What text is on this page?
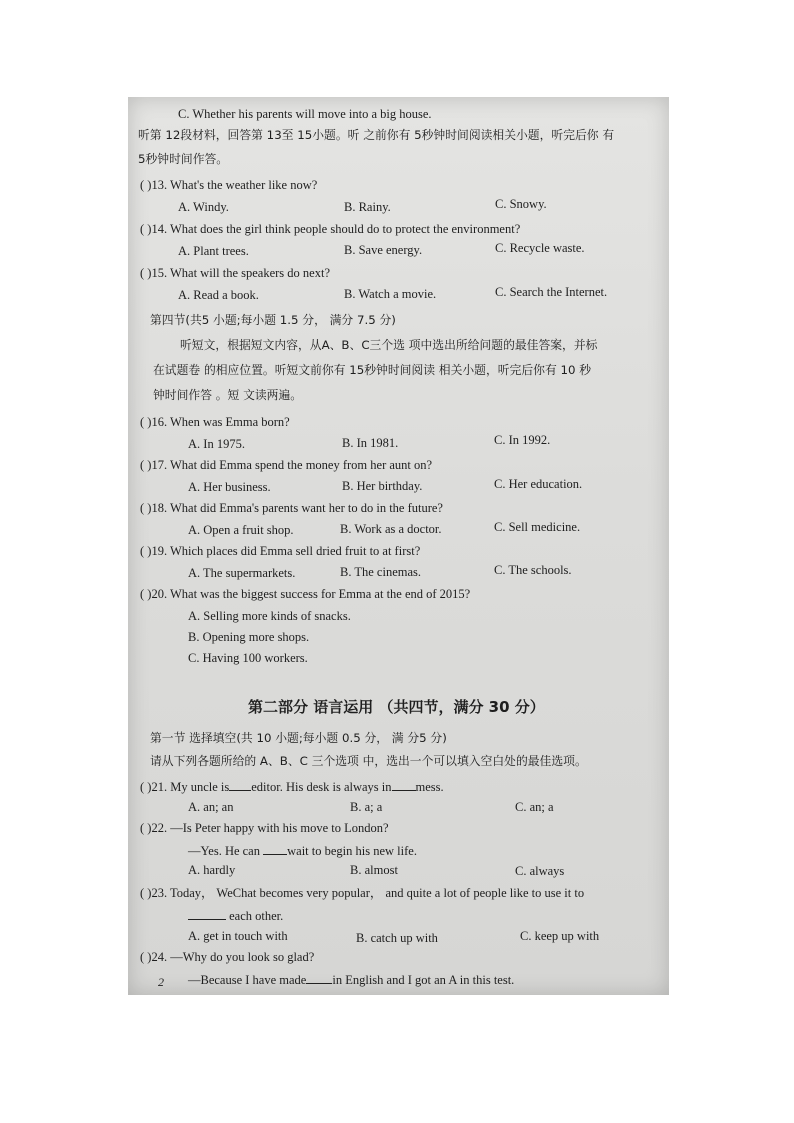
C. Whether his parents will move into a big house.
听第 12段材料，回答第 13至 15小题。听 之前你有 5秒钟时间阅读相关小题，听完后你 有
5秒钟时间作答。
( )13. What's the weather like now?
A. Windy.	B. Rainy.	C. Snowy.
( )14. What does the girl think people should do to protect the environment?
A. Plant trees.	B. Save energy.	C. Recycle waste.
( )15. What will the speakers do next?
A. Read a book.	B. Watch a movie.	C. Search the Internet.
第四节(共5 小题;每小题 1.5 分， 满分 7.5 分)
听短文，根据短文内容，从A、B、C三个选 项中选出所给问题的最佳答案，并标
在试题卷 的相应位置。听短文前你有 15秒钟时间阅读 相关小题，听完后你有 10 秒
钟时间作答 。短 文读两遍。
( )16. When was Emma born?
A. In 1975.	B. In 1981.	C. In 1992.
( )17. What did Emma spend the money from her aunt on?
A. Her business.	B. Her birthday.	C. Her education.
( )18. What did Emma's parents want her to do in the future?
A. Open a fruit shop.	B. Work as a doctor.	C. Sell medicine.
( )19. Which places did Emma sell dried fruit to at first?
A. The supermarkets.	B. The cinemas.	C. The schools.
( )20. What was the biggest success for Emma at the end of 2015?
A. Selling more kinds of snacks.
B. Opening more shops.
C. Having 100 workers.
第二部分 语言运用 （共四节，满分 30 分）
第一节 选择填空(共 10 小题;每小题 0.5 分， 满 分5 分)
请从下列各题所给的 A、B、C 三个选项 中，选出一个可以填入空白处的最佳选项。
( )21. My uncle is editor. His desk is always in mess.
A. an; an	B. a; a	C. an; a
( )22. —Is Peter happy with his move to London?
—Yes. He can wait to begin his new life.
A. hardly	B. almost	C. always
( )23. Today， WeChat becomes very popular， and quite a lot of people like to use it to
each other.
A. get in touch with	B. catch up with	C. keep up with
( )24. —Why do you look so glad?
—Because I have made in English and I got an A in this test.
2
